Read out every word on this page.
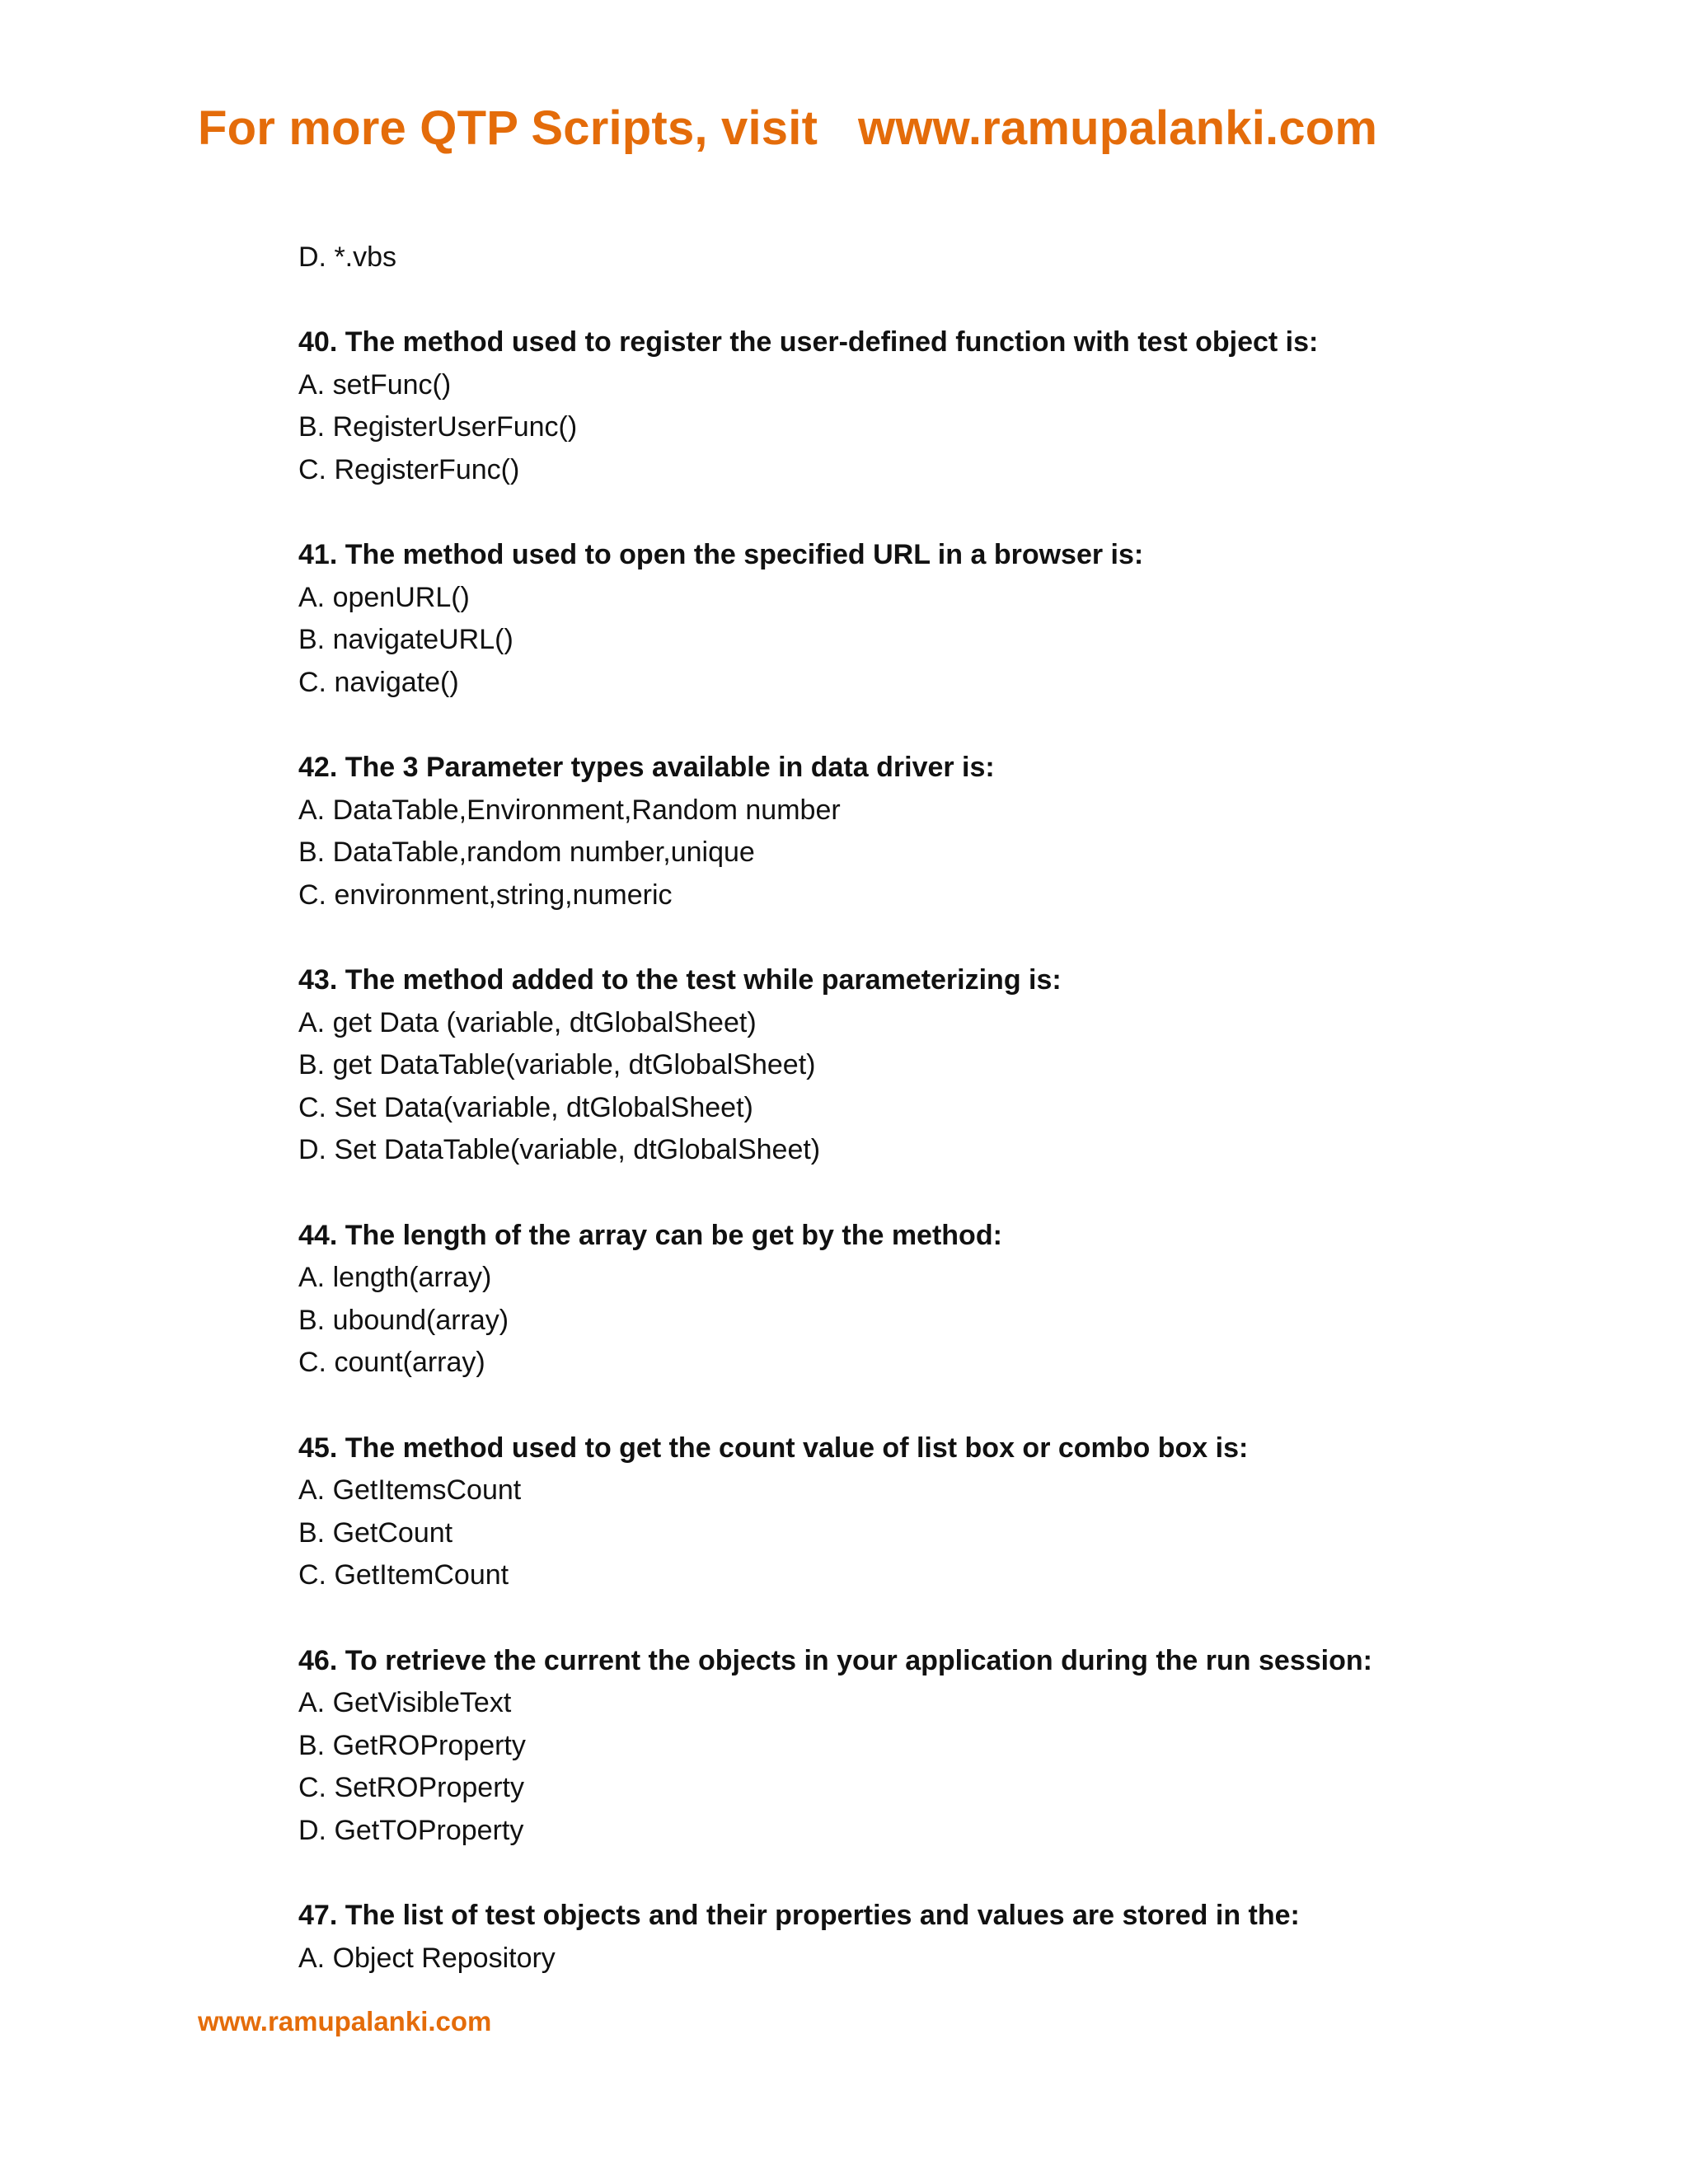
For more QTP Scripts, visit   www.ramupalanki.com
D. *.vbs
40. The method used to register the user-defined function with test object is:
A. setFunc()
B. RegisterUserFunc()
C. RegisterFunc()
41. The method used to open the specified URL in a browser is:
A. openURL()
B. navigateURL()
C. navigate()
42. The 3 Parameter types available in data driver is:
A. DataTable,Environment,Random number
B. DataTable,random number,unique
C. environment,string,numeric
43. The method added to the test while parameterizing is:
A. get Data (variable, dtGlobalSheet)
B. get DataTable(variable, dtGlobalSheet)
C. Set Data(variable, dtGlobalSheet)
D. Set DataTable(variable, dtGlobalSheet)
44. The length of the array can be get by the method:
A. length(array)
B. ubound(array)
C. count(array)
45. The method used to get the count value of list box or combo box is:
A. GetItemsCount
B. GetCount
C. GetItemCount
46. To retrieve the current the objects in your application during the run session:
A. GetVisibleText
B. GetROProperty
C. SetROProperty
D. GetTOProperty
47. The list of test objects and their properties and values are stored in the:
A. Object Repository
www.ramupalanki.com
